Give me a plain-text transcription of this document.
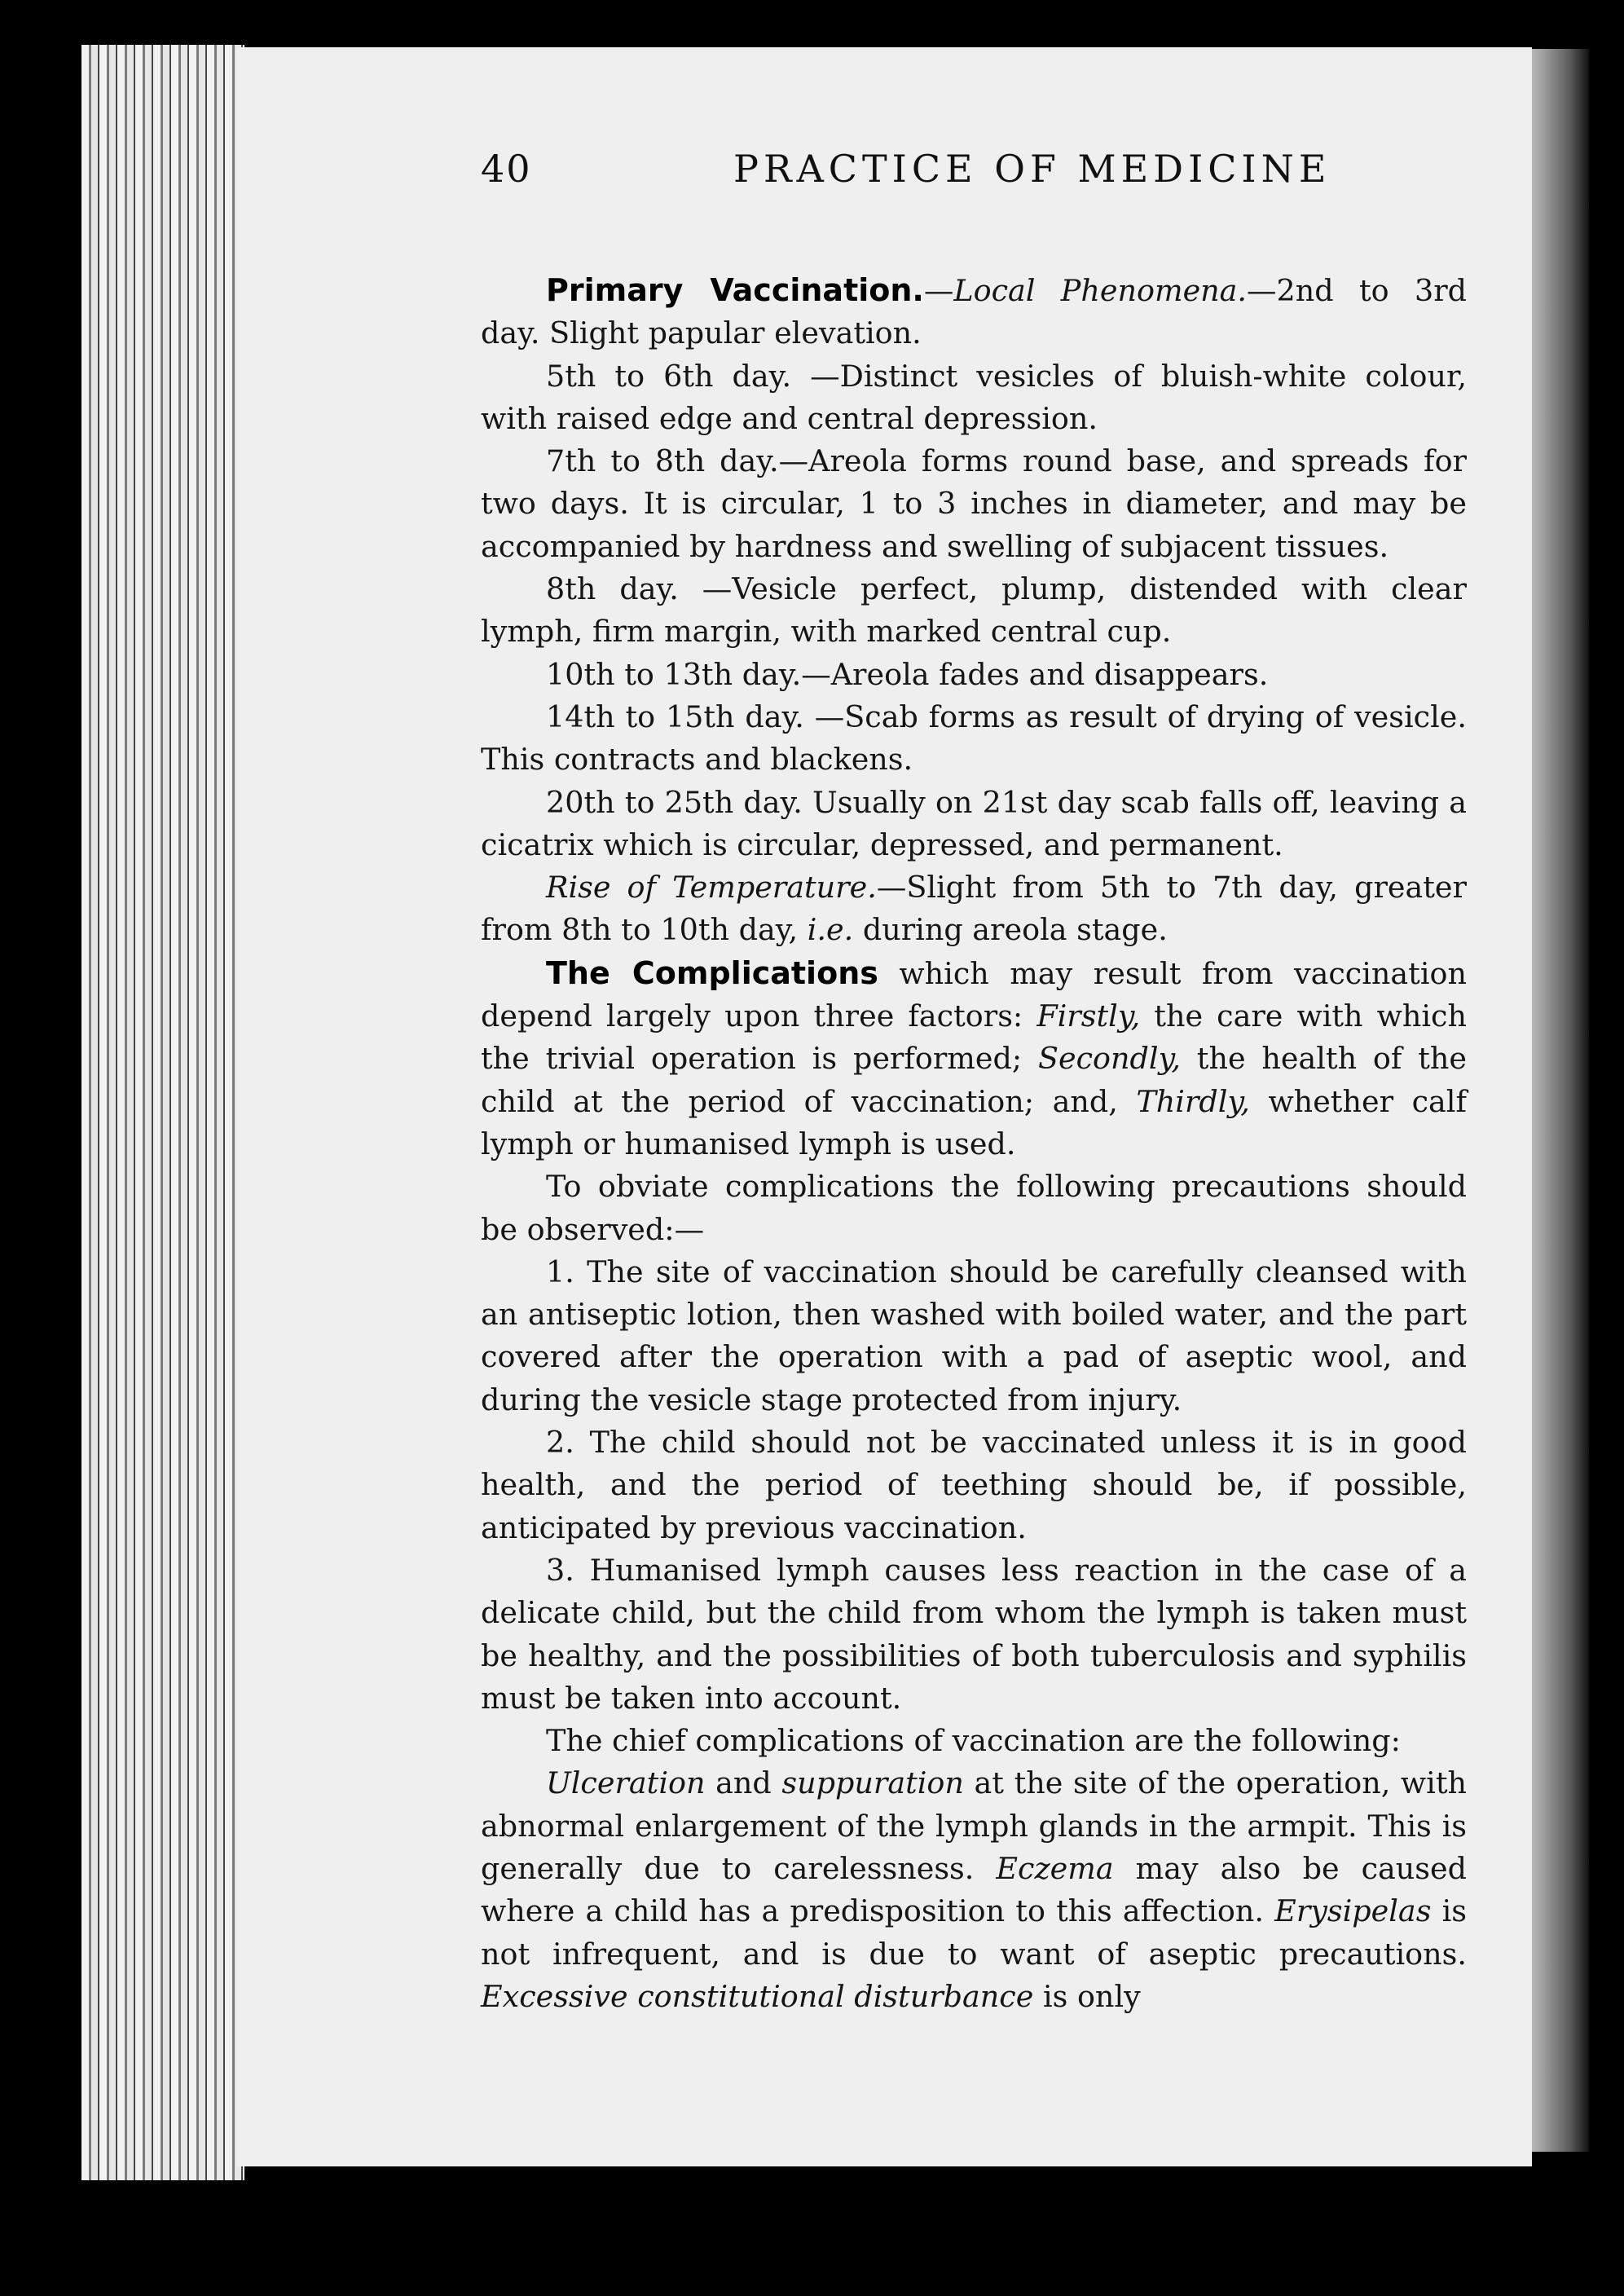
40	PRACTICE OF MEDICINE

Primary Vaccination.—Local Phenomena.—2nd to 3rd day. Slight papular elevation.

5th to 6th day. —Distinct vesicles of bluish-white colour, with raised edge and central depression.

7th to 8th day.—Areola forms round base, and spreads for two days. It is circular, 1 to 3 inches in diameter, and may be accompanied by hardness and swelling of subjacent tissues.

8th day. —Vesicle perfect, plump, distended with clear lymph, firm margin, with marked central cup.

10th to 13th day.—Areola fades and disappears.

14th to 15th day. —Scab forms as result of drying of vesicle. This contracts and blackens.

20th to 25th day. Usually on 21st day scab falls off, leaving a cicatrix which is circular, depressed, and permanent.

Rise of Temperature.—Slight from 5th to 7th day, greater from 8th to 10th day, i.e. during areola stage.

The Complications which may result from vaccination depend largely upon three factors: Firstly, the care with which the trivial operation is performed; Secondly, the health of the child at the period of vaccination; and, Thirdly, whether calf lymph or humanised lymph is used.

To obviate complications the following precautions should be observed:—

1. The site of vaccination should be carefully cleansed with an antiseptic lotion, then washed with boiled water, and the part covered after the operation with a pad of aseptic wool, and during the vesicle stage protected from injury.

2. The child should not be vaccinated unless it is in good health, and the period of teething should be, if possible, anticipated by previous vaccination.

3. Humanised lymph causes less reaction in the case of a delicate child, but the child from whom the lymph is taken must be healthy, and the possibilities of both tuberculosis and syphilis must be taken into account.

The chief complications of vaccination are the following:

Ulceration and suppuration at the site of the operation, with abnormal enlargement of the lymph glands in the armpit. This is generally due to carelessness. Eczema may also be caused where a child has a predisposition to this affection. Erysipelas is not infrequent, and is due to want of aseptic precautions. Excessive constitutional disturbance is only
